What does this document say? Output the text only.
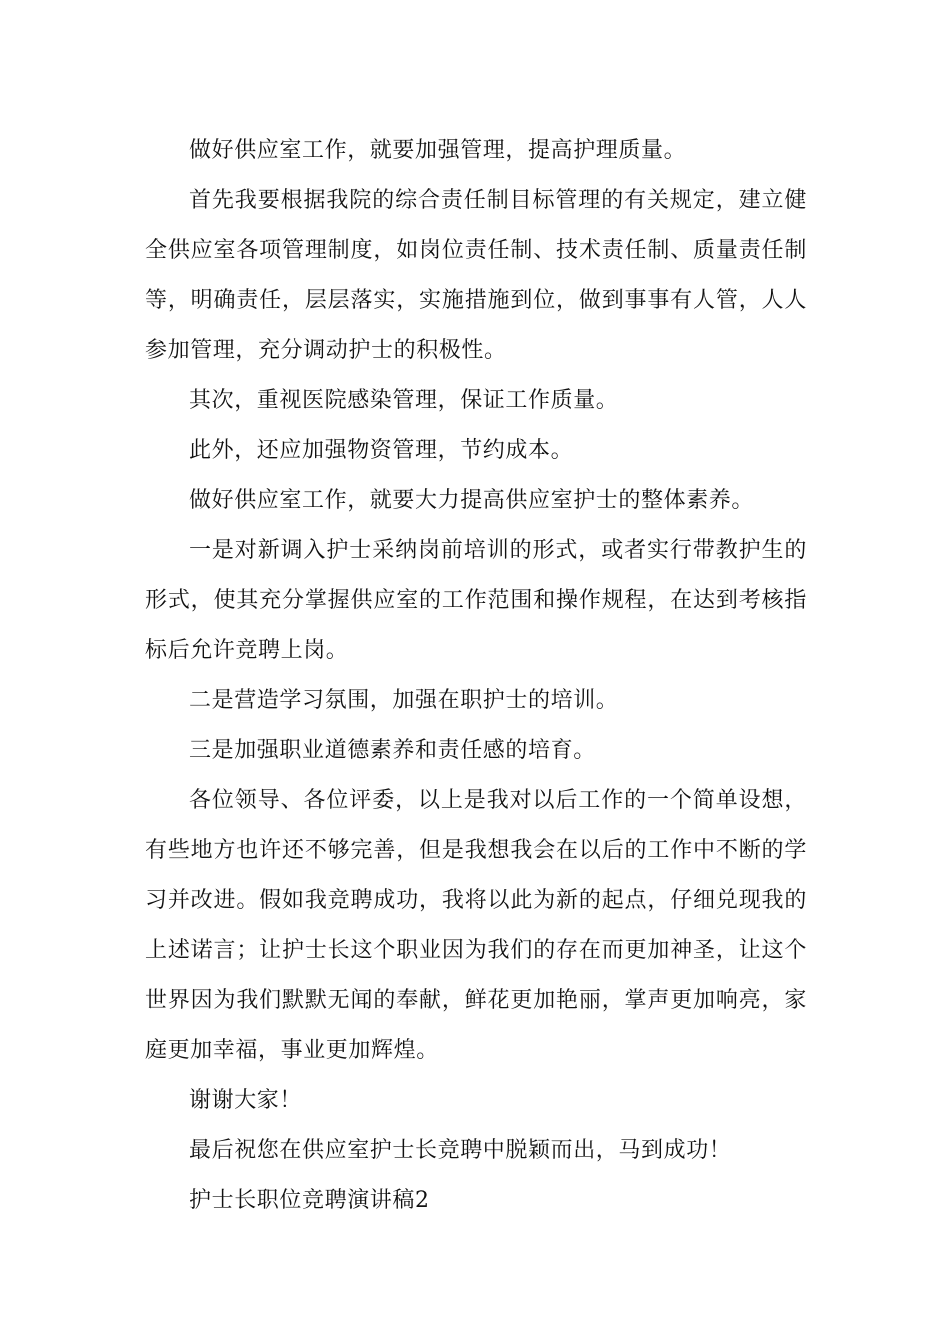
做好供应室工作，就要加强管理，提高护理质量。

首先我要根据我院的综合责任制目标管理的有关规定，建立健全供应室各项管理制度，如岗位责任制、技术责任制、质量责任制等，明确责任，层层落实，实施措施到位，做到事事有人管，人人参加管理，充分调动护士的积极性。

其次，重视医院感染管理，保证工作质量。

此外，还应加强物资管理，节约成本。

做好供应室工作，就要大力提高供应室护士的整体素养。

一是对新调入护士采纳岗前培训的形式，或者实行带教护生的形式，使其充分掌握供应室的工作范围和操作规程，在达到考核指标后允许竞聘上岗。

二是营造学习氛围，加强在职护士的培训。

三是加强职业道德素养和责任感的培育。

各位领导、各位评委，以上是我对以后工作的一个简单设想，有些地方也许还不够完善，但是我想我会在以后的工作中不断的学习并改进。假如我竞聘成功，我将以此为新的起点，仔细兑现我的上述诺言；让护士长这个职业因为我们的存在而更加神圣，让这个世界因为我们默默无闻的奉献，鲜花更加艳丽，掌声更加响亮，家庭更加幸福，事业更加辉煌。

谢谢大家！

最后祝您在供应室护士长竞聘中脱颖而出，马到成功！

护士长职位竞聘演讲稿2
